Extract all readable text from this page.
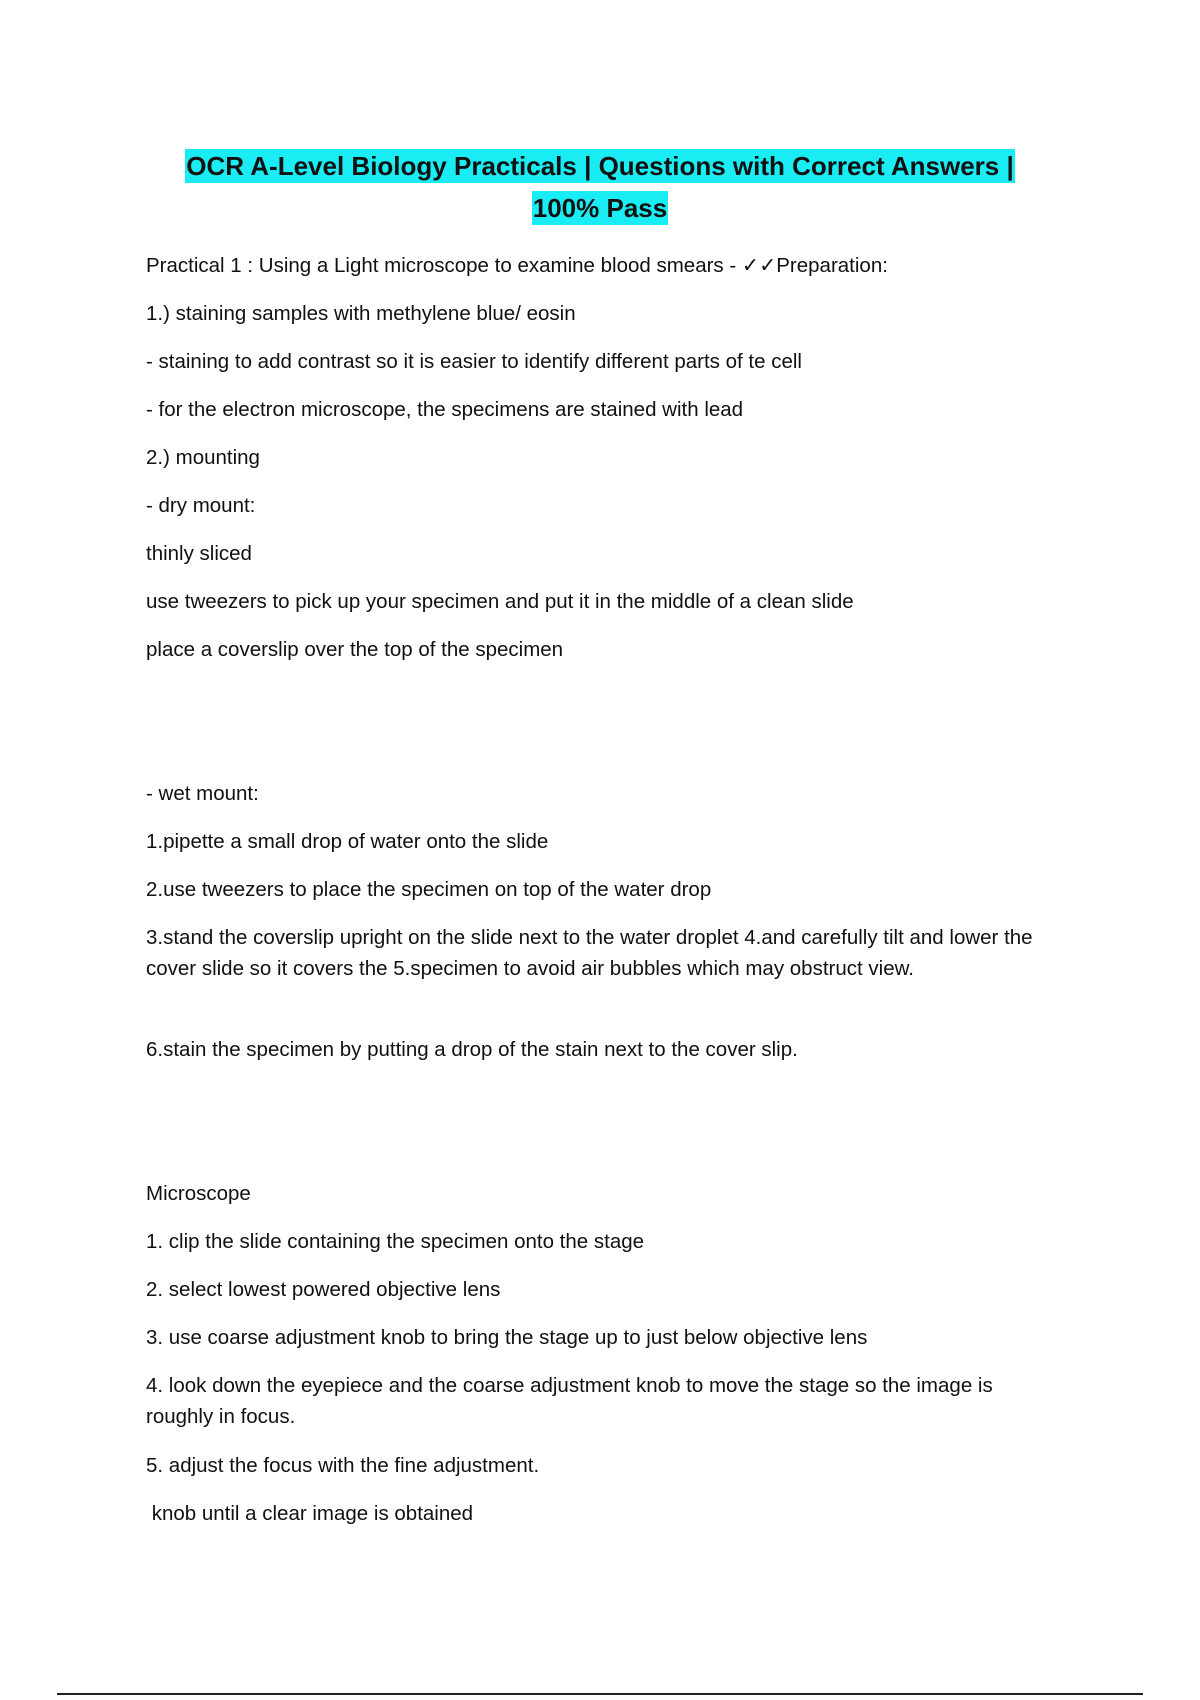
OCR A-Level Biology Practicals | Questions with Correct Answers |
100% Pass
Practical 1 : Using a Light microscope to examine blood smears - ✓✓Preparation:
1.) staining samples with methylene blue/ eosin
- staining to add contrast so it is easier to identify different parts of te cell
- for the electron microscope, the specimens are stained with lead
2.) mounting
- dry mount:
thinly sliced
use tweezers to pick up your specimen and put it in the middle of a clean slide
place a coverslip over the top of the specimen
- wet mount:
1.pipette a small drop of water onto the slide
2.use tweezers to place the specimen on top of the water drop
3.stand the coverslip upright on the slide next to the water droplet 4.and carefully tilt and lower the cover slide so it covers the 5.specimen to avoid air bubbles which may obstruct view.
6.stain the specimen by putting a drop of the stain next to the cover slip.
Microscope
1. clip the slide containing the specimen onto the stage
2. select lowest powered objective lens
3. use coarse adjustment knob to bring the stage up to just below objective lens
4. look down the eyepiece and the coarse adjustment knob to move the stage so the image is roughly in focus.
5. adjust the focus with the fine adjustment.
knob until a clear image is obtained
